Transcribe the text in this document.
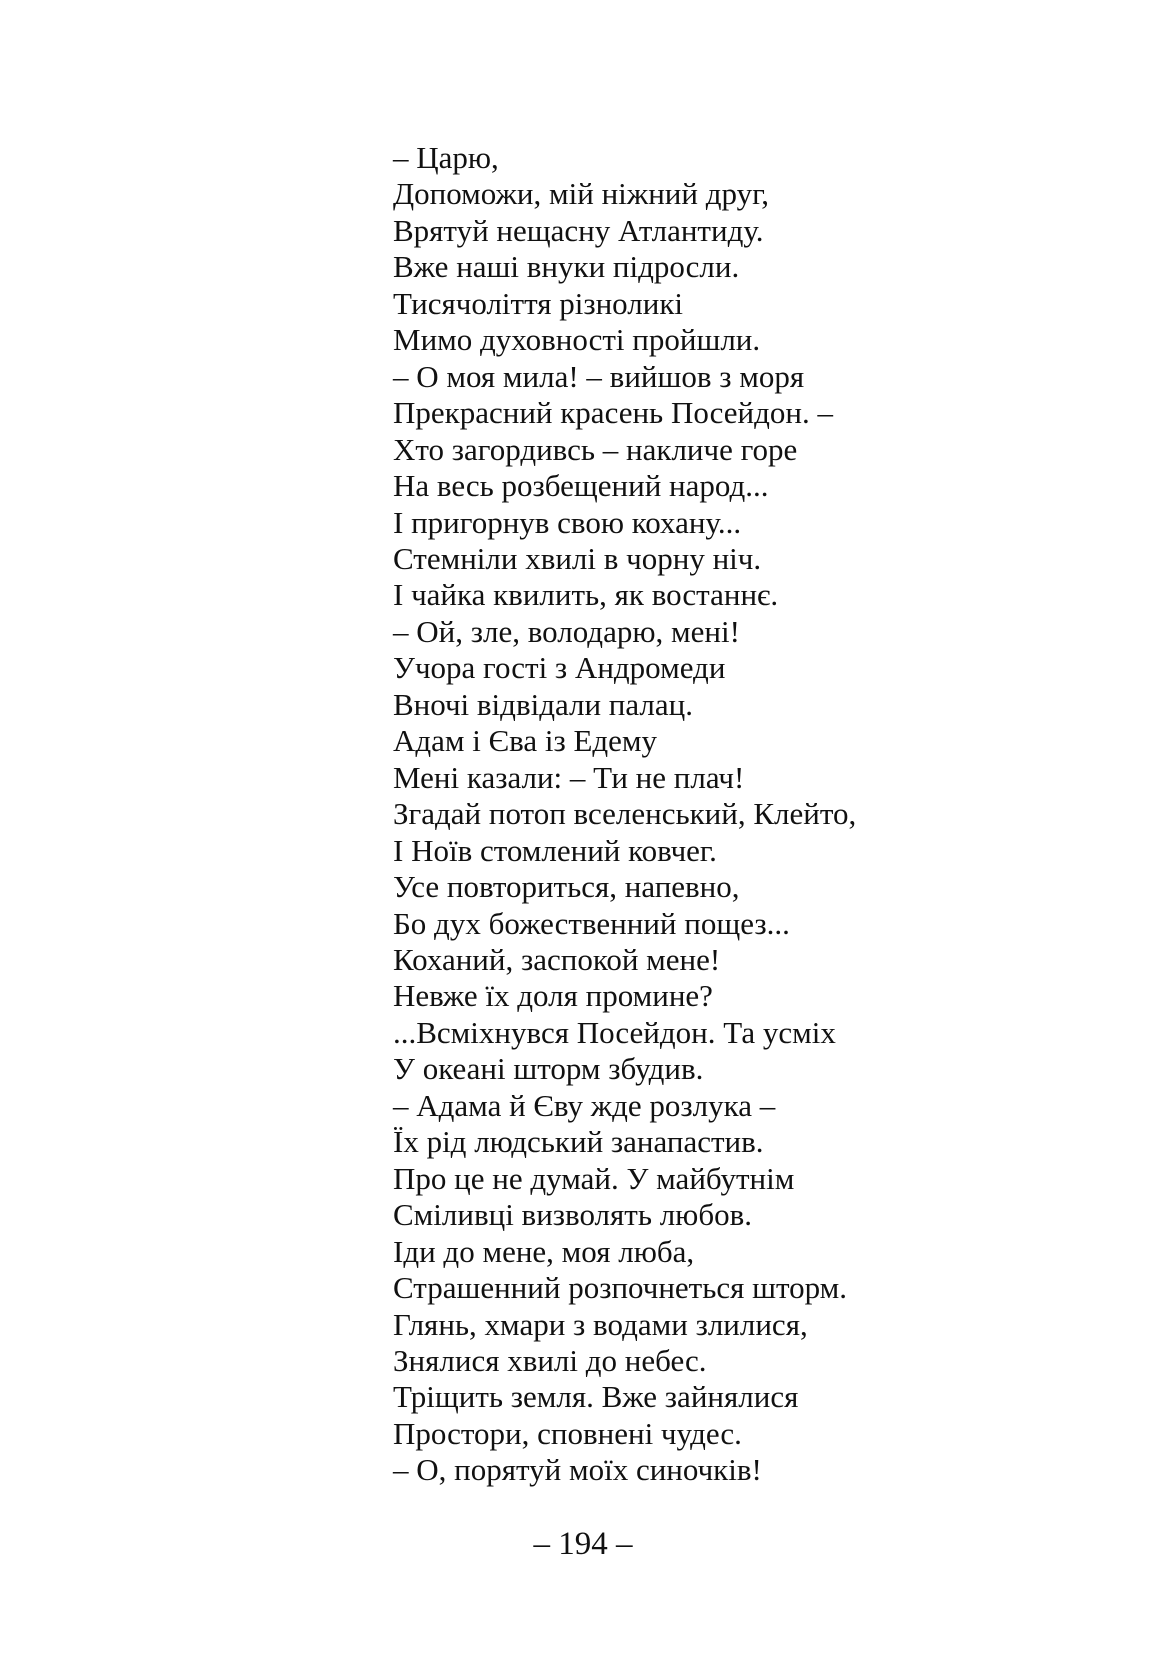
– Царю,
Допоможи, мій ніжний друг,
Врятуй нещасну Атлантиду.
Вже наші внуки підросли.
Тисячоліття різноликі
Мимо духовності пройшли.
– О моя мила! – вийшов з моря
Прекрасний красень Посейдон. –
Хто загордивсь – накличе горе
На весь розбещений народ...
І пригорнув свою кохану...
Стемніли хвилі в чорну ніч.
І чайка квилить, як востаннє.
– Ой, зле, володарю, мені!
Учора гості з Андромеди
Вночі відвідали палац.
Адам і Єва із Едему
Мені казали: – Ти не плач!
Згадай потоп вселенський, Клейто,
І Ноїв стомлений ковчег.
Усе повториться, напевно,
Бо дух божественний пощез...
Коханий, заспокой мене!
Невже їх доля промине?
...Всміхнувся Посейдон. Та усміх
У океані шторм збудив.
– Адама й Єву жде розлука –
Їх рід людський занапастив.
Про це не думай. У майбутнім
Сміливці визволять любов.
Іди до мене, моя люба,
Страшенний розпочнеться шторм.
Глянь, хмари з водами злилися,
Знялися хвилі до небес.
Тріщить земля. Вже зайнялися
Простори, сповнені чудес.
– О, порятуй моїх синочків!
– 194 –
